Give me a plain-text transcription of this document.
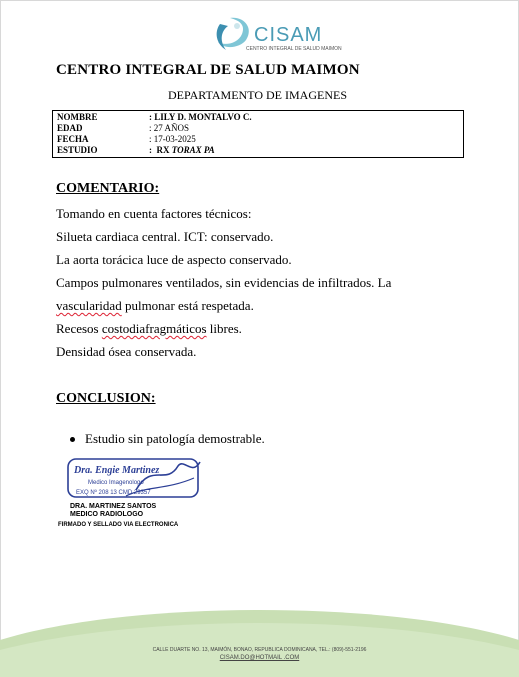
CISAM
CENTRO INTEGRAL DE SALUD MAIMON
CENTRO INTEGRAL DE SALUD MAIMON
DEPARTAMENTO DE IMAGENES
NOMBRE	: LILY D. MONTALVO C.
EDAD	: 27 AÑOS
FECHA	: 17-03-2025
ESTUDIO	:  RX TORAX PA
COMENTARIO:
Tomando en cuenta factores técnicos:
Silueta cardiaca central. ICT: conservado.
La aorta torácica luce de aspecto conservado.
Campos pulmonares ventilados, sin evidencias de infiltrados. La
vascularidad pulmonar está respetada.
Recesos costodiafragmáticos libres.
Densidad ósea conservada.
CONCLUSION:
Estudio sin patología demostrable.
Dra. Engie Martinez
Medico Imagenologo
EXQ Nº 208 13 CMD 29357
DRA. MARTINEZ SANTOS
MEDICO RADIOLOGO
FIRMADO Y SELLADO VIA ELECTRONICA
CALLE DUARTE NO. 13, MAIMÓN, BONAO, REPUBLICA DOMINICANA, TEL.: (809)-551-2196
CISAM.DO@HOTMAIL .COM
